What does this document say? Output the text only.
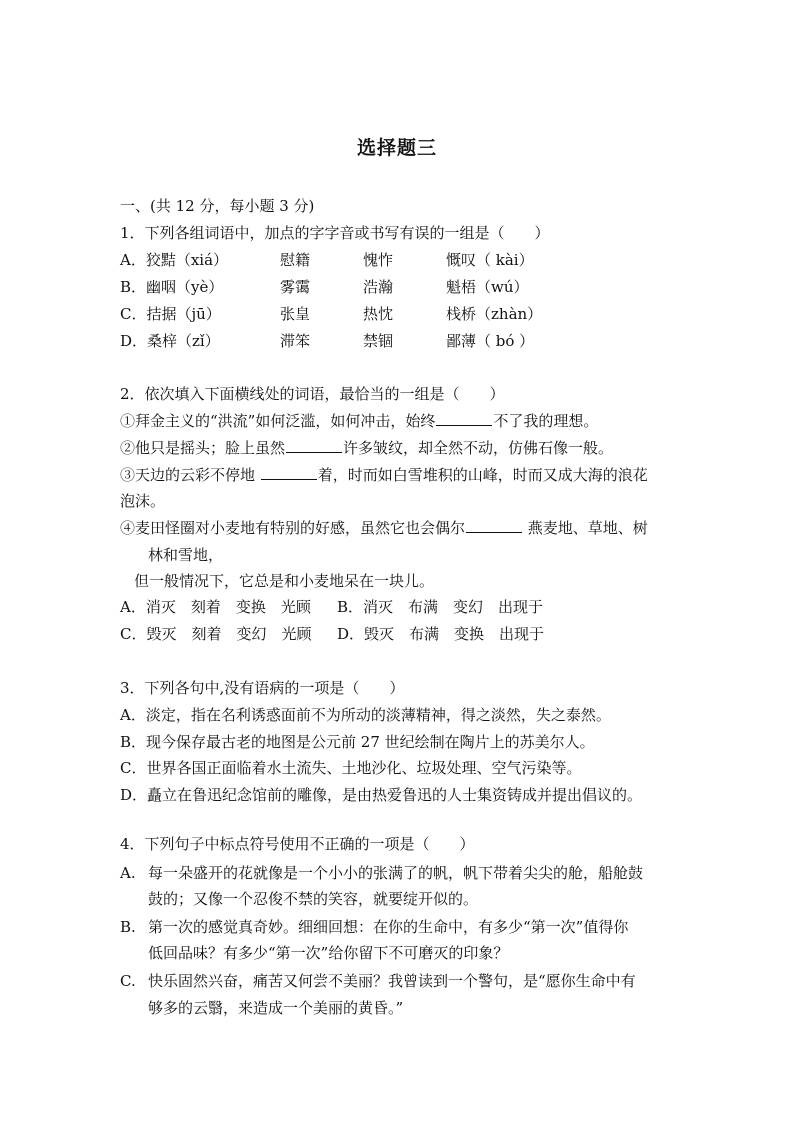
选择题三
一、(共 12 分，每小题 3 分)
1．下列各组词语中，加点的字字音或书写有误的一组是（　　）
A．狡黠（xiá）	慰籍	愧怍	慨叹（ kài）
B．幽咽（yè）	雾霭	浩瀚	魁梧（wú）
C．拮据（jū）	张皇	热忱	栈桥（zhàn）
D．桑梓（zǐ）	滞笨	禁锢	鄙薄（ bó ）
2．依次填入下面横线处的词语，最恰当的一组是（　　）
①拜金主义的“洪流”如何泛滥，如何冲击，始终	不了我的理想。
②他只是摇头；脸上虽然	许多皱纹，却全然不动，仿佛石像一般。
③天边的云彩不停地	着，时而如白雪堆积的山峰，时而又成大海的浪花
泡沫。
④麦田怪圈对小麦地有特别的好感，虽然它也会偶尔	燕麦地、草地、树
林和雪地，
但一般情况下，它总是和小麦地呆在一块儿。
A．消灭　刻着　变换　光顾 B．消灭　布满　变幻　出现于
C．毁灭　刻着　变幻　光顾 D．毁灭　布满　变换　出现于
3．下列各句中,没有语病的一项是（　　）
A．淡定，指在名利诱惑面前不为所动的淡薄精神，得之淡然，失之泰然。
B．现今保存最古老的地图是公元前 27 世纪绘制在陶片上的苏美尔人。
C．世界各国正面临着水土流失、土地沙化、垃圾处理、空气污染等。
D．矗立在鲁迅纪念馆前的雕像，是由热爱鲁迅的人士集资铸成并提出倡议的。
4．下列句子中标点符号使用不正确的一项是（　　）
A. 每一朵盛开的花就像是一个小小的张满了的帆，帆下带着尖尖的舱，船舱鼓
鼓的；又像一个忍俊不禁的笑容，就要绽开似的。
B. 第一次的感觉真奇妙。细细回想：在你的生命中，有多少“第一次”值得你
低回品味？有多少“第一次”给你留下不可磨灭的印象？
C. 快乐固然兴奋，痛苦又何尝不美丽？我曾读到一个警句，是“愿你生命中有
够多的云翳，来造成一个美丽的黄昏。”
